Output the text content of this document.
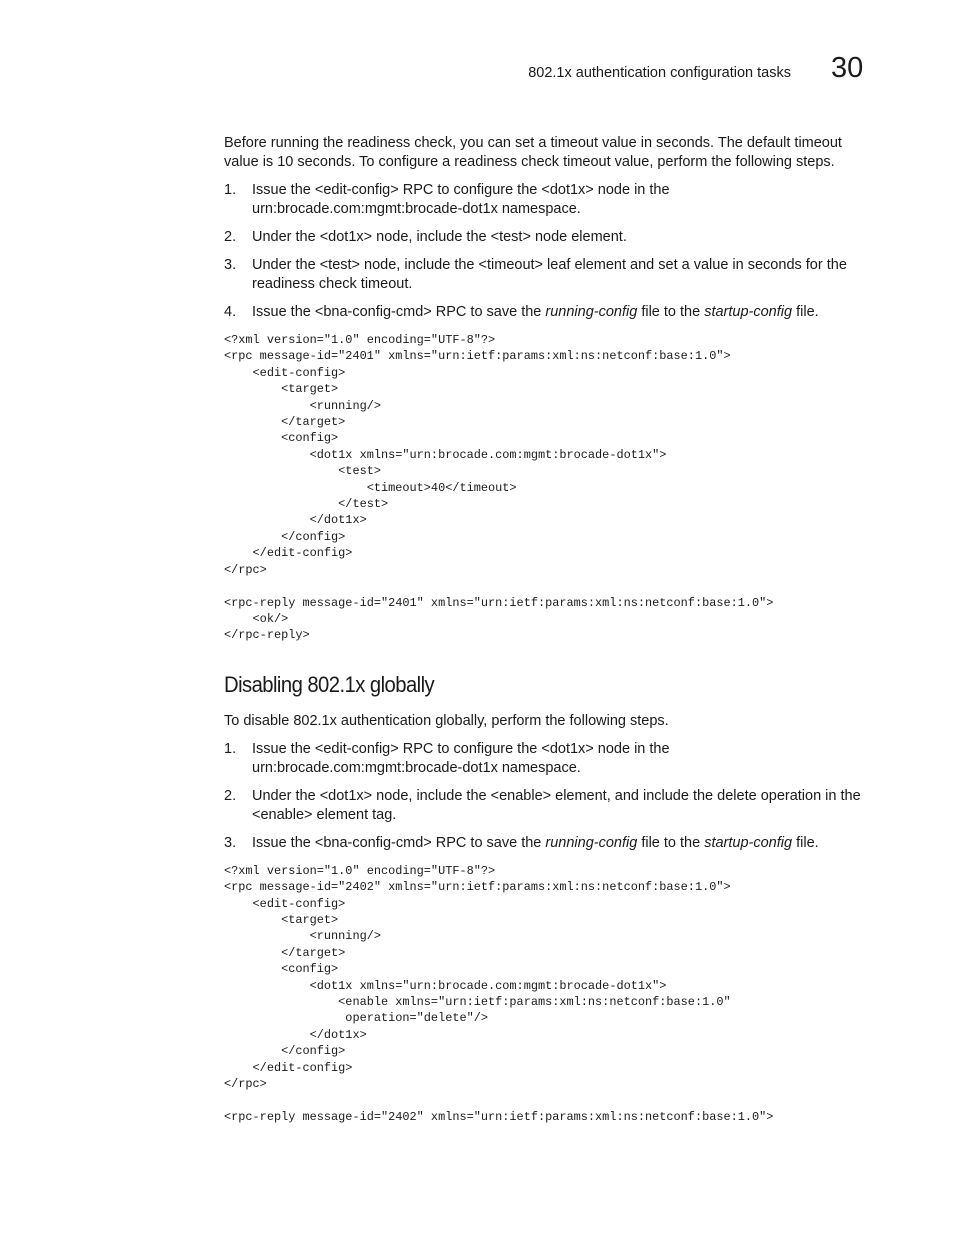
802.1x authentication configuration tasks 30

Before running the readiness check, you can set a timeout value in seconds. The default timeout value is 10 seconds. To configure a readiness check timeout value, perform the following steps.

1. Issue the <edit-config> RPC to configure the <dot1x> node in the urn:brocade.com:mgmt:brocade-dot1x namespace.
2. Under the <dot1x> node, include the <test> node element.
3. Under the <test> node, include the <timeout> leaf element and set a value in seconds for the readiness check timeout.
4. Issue the <bna-config-cmd> RPC to save the running-config file to the startup-config file.
<?xml version="1.0" encoding="UTF-8"?>
<rpc message-id="2401" xmlns="urn:ietf:params:xml:ns:netconf:base:1.0">
<edit-config>
<target>
<running/>
</target>
<config>
<dot1x xmlns="urn:brocade.com:mgmt:brocade-dot1x">
<test>
<timeout>40</timeout>
</test>
</dot1x>
</config>
</edit-config>
</rpc>

<rpc-reply message-id="2401" xmlns="urn:ietf:params:xml:ns:netconf:base:1.0">
<ok/>
</rpc-reply>
Disabling 802.1x globally

To disable 802.1x authentication globally, perform the following steps.

1. Issue the <edit-config> RPC to configure the <dot1x> node in the urn:brocade.com:mgmt:brocade-dot1x namespace.
2. Under the <dot1x> node, include the <enable> element, and include the delete operation in the <enable> element tag.
3. Issue the <bna-config-cmd> RPC to save the running-config file to the startup-config file.
<?xml version="1.0" encoding="UTF-8"?>
<rpc message-id="2402" xmlns="urn:ietf:params:xml:ns:netconf:base:1.0">
<edit-config>
<target>
<running/>
</target>
<config>
<dot1x xmlns="urn:brocade.com:mgmt:brocade-dot1x">
<enable xmlns="urn:ietf:params:xml:ns:netconf:base:1.0"
operation="delete"/>
</dot1x>
</config>
</edit-config>
</rpc>

<rpc-reply message-id="2402" xmlns="urn:ietf:params:xml:ns:netconf:base:1.0">
